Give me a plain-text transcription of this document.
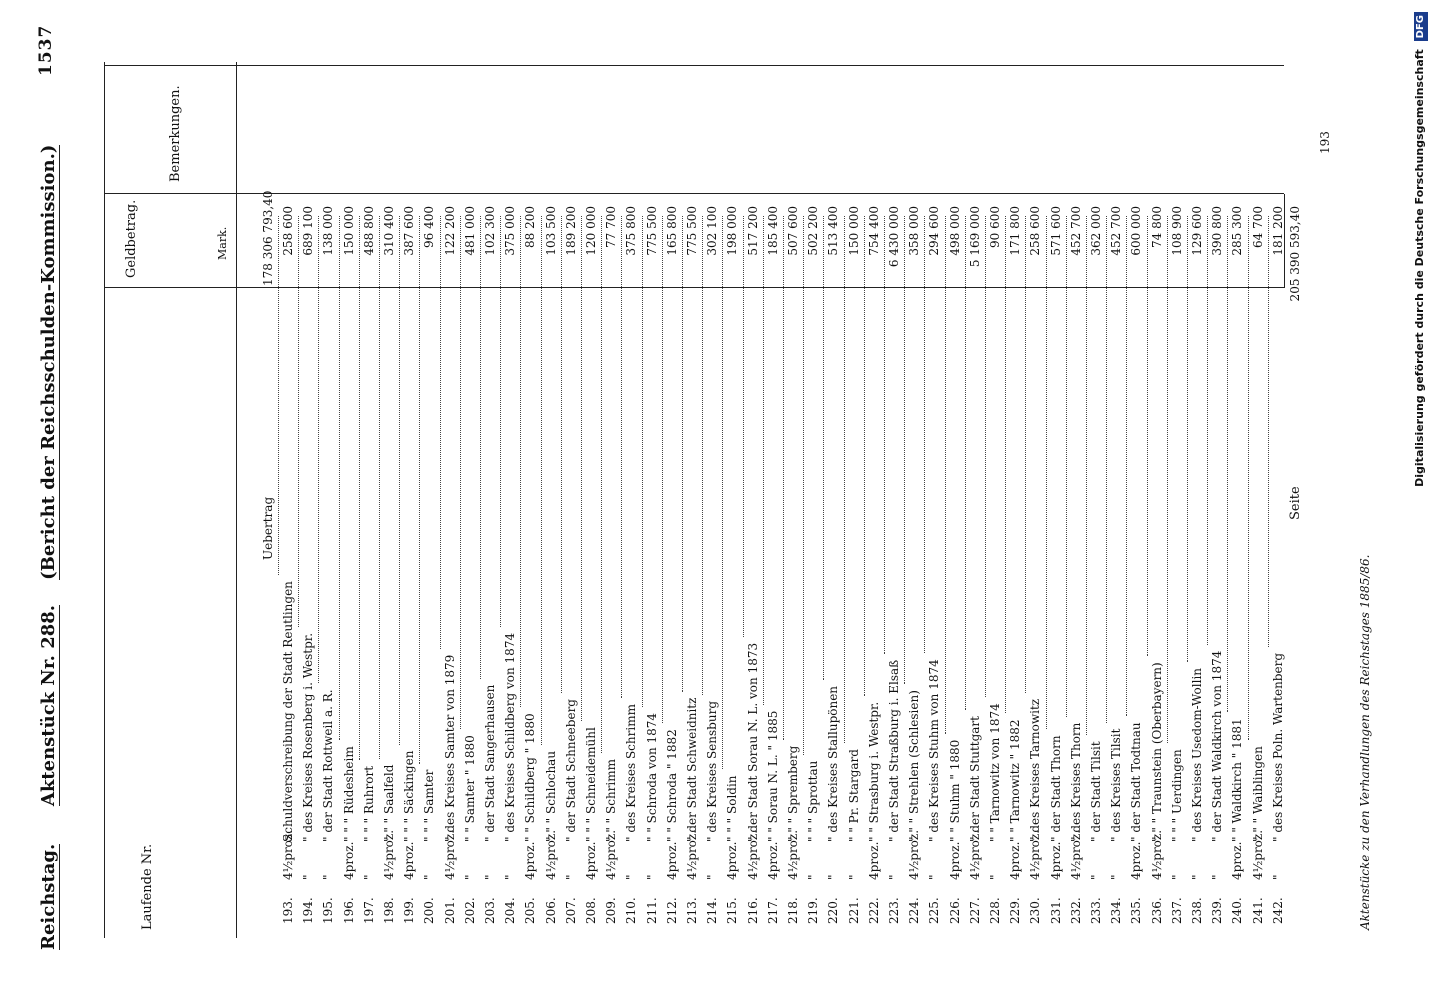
Reichstag.      Aktenstück Nr. 288.    (Bericht der Reichsschulden-Kommission.)
1537
Laufende Nr.
Geldbetrag.	Mark.
Bemerkungen.
Uebertrag
178 306 793,40
193.
4½proz.
Schuldverschreibung der Stadt Reutlingen
258 600
194.
"
" des Kreises Rosenberg i. Westpr.
689 100
195.
"
" der Stadt Rottweil a. R.
138 000
196.
4proz.
" " " Rüdesheim
150 000
197.
"
" " " Ruhrort
488 800
198.
4½proz.
" " " Saalfeld
310 400
199.
4proz.
" " " Säckingen
387 600
200.
"
" " " Samter
96 400
201.
4½proz.
" des Kreises Samter von 1879
122 200
202.
"
" " Samter " 1880
481 000
203.
"
" der Stadt Sangerhausen
102 300
204.
"
" des Kreises Schildberg von 1874
375 000
205.
4proz.
" " Schildberg " 1880
88 200
206.
4½proz.
" " " Schlochau
103 500
207.
"
" der Stadt Schneeberg
189 200
208.
4proz.
" " " Schneidemühl
120 000
209.
4½proz.
" " " Schrimm
77 700
210.
"
" des Kreises Schrimm
375 800
211.
"
" " Schroda von 1874
775 500
212.
4proz.
" " Schroda " 1882
165 800
213.
4½proz.
" der Stadt Schweidnitz
775 500
214.
"
" des Kreises Sensburg
302 100
215.
4proz.
" " " Soldin
198 000
216.
4½proz.
" der Stadt Sorau N. L. von 1873
517 200
217.
4proz.
" " Sorau N. L. " 1885
185 400
218.
4½proz.
" " " Spremberg
507 600
219.
"
" " " Sprottau
502 200
220.
"
" des Kreises Stallupönen
513 400
221.
"
" " Pr. Stargard
150 000
222.
4proz.
" " Strasburg i. Westpr.
754 400
223.
"
" der Stadt Straßburg i. Elsaß
6 430 000
224.
4½proz.
" " " Strehlen (Schlesien)
358 000
225.
"
" des Kreises Stuhm von 1874
294 600
226.
4proz.
" " Stuhm " 1880
498 000
227.
4½proz.
" der Stadt Stuttgart
5 169 000
228.
"
" " Tarnowitz von 1874
90 600
229.
4proz.
" " Tarnowitz " 1882
171 800
230.
4½proz.
" des Kreises Tarnowitz
258 600
231.
4proz.
" der Stadt Thorn
571 600
232.
4½proz.
" des Kreises Thorn
452 700
233.
"
" der Stadt Tilsit
362 000
234.
"
" des Kreises Tilsit
452 700
235.
4proz.
" der Stadt Todtnau
600 000
236.
4½proz.
" " " Traunstein (Oberbayern)
74 800
237.
"
" " " Uerdingen
108 900
238.
"
" des Kreises Usedom-Wollin
129 600
239.
"
" der Stadt Waldkirch von 1874
390 800
240.
4proz.
" " Waldkirch " 1881
285 300
241.
4½proz.
" " " Waiblingen
64 700
242.
"
" des Kreises Poln. Wartenberg
181 200
Seite
205 390 593,40
Aktenstücke zu den Verhandlungen des Reichstages 1885/86.
193	Digitalisierung gefördert durch die Deutsche Forschungsgemeinschaft DFG
